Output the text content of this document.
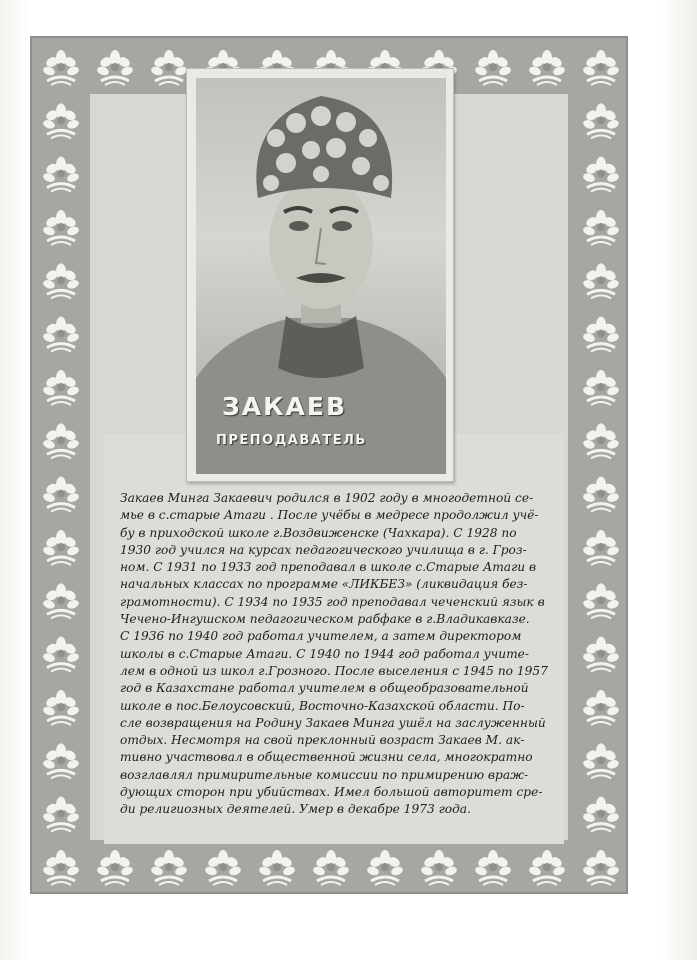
ЗАКАЕВ
ПРЕПОДАВАТЕЛЬ
Закаев Минга Закаевич родился в 1902 году в многодетной се-
мье в с.старые Атаги . После учёбы в медресе продолжил учё-
бу в приходской школе г.Воздвиженске (Чахкара). С 1928 по
1930 год учился на курсах педагогического училища в г. Гроз-
ном. С 1931 по 1933 год преподавал в школе с.Старые Атаги в
начальных классах по программе «ЛИКБЕЗ» (ликвидация без-
грамотности). С 1934 по 1935 год преподавал чеченский язык в
Чечено-Ингушском педагогическом рабфаке в г.Владикавказе.
С 1936 по 1940 год работал учителем, а затем директором
школы в с.Старые Атаги. С 1940 по 1944 год работал учите-
лем в одной из школ г.Грозного. После выселения с 1945 по 1957
год в Казахстане работал учителем в общеобразовательной
школе в пос.Белоусовский, Восточно-Казахской области. По-
сле возвращения на Родину Закаев Минга ушёл на заслуженный
отдых. Несмотря на свой преклонный возраст Закаев М. ак-
тивно участвовал в общественной жизни села, многократно
возглавлял примирительные комиссии по примирению враж-
дующих сторон при убийствах. Имел большой авторитет сре-
ди религиозных деятелей. Умер в декабре 1973 года.
